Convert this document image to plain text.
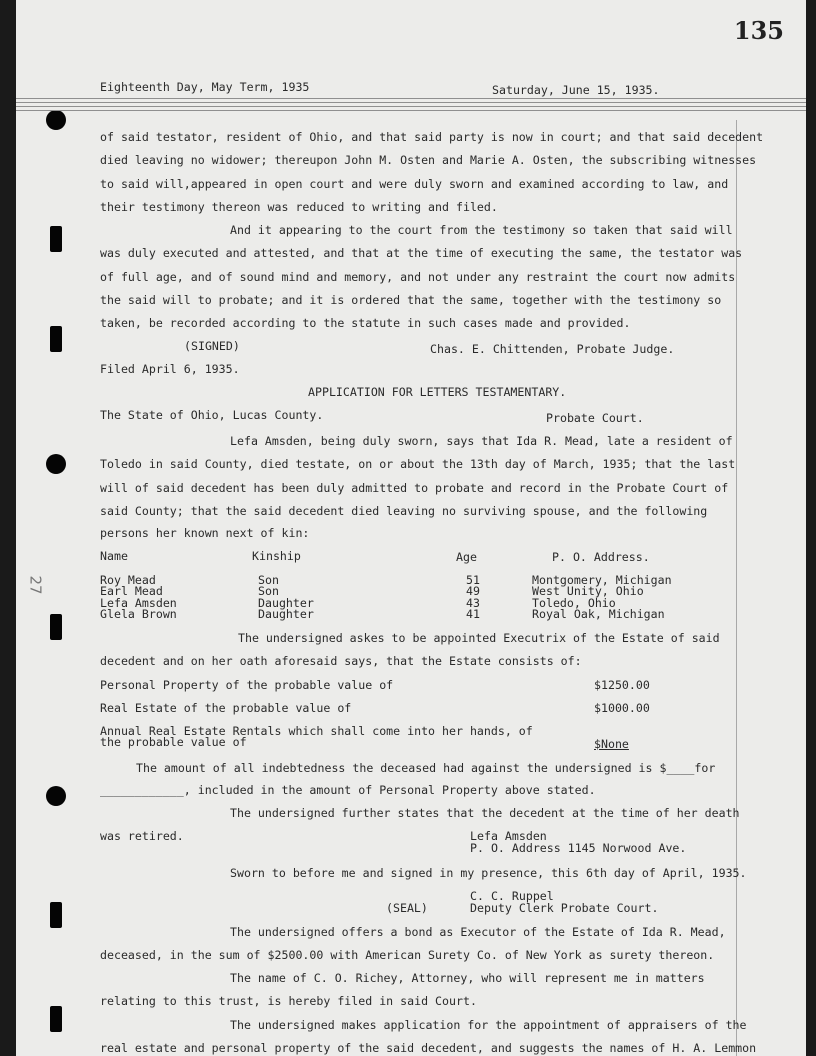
135
Eighteenth Day, May Term, 1935	Saturday, June 15, 1935.
27
of said testator, resident of Ohio, and that said party is now in court; and that said decedent
died leaving no widower; thereupon John M. Osten and Marie A. Osten, the subscribing witnesses
to said will,appeared in open court and were duly sworn and examined according to law, and
their testimony thereon was reduced to writing and filed.
And it appearing to the court from the testimony so taken that said will
was duly executed and attested, and that at the time of executing the same, the testator was
of full age, and of sound mind and memory, and not under any restraint the court now admits
the said will to probate; and it is ordered that the same, together with the testimony so
taken, be recorded according to the statute in such cases made and provided.
(SIGNED)	Chas. E. Chittenden, Probate Judge.
Filed April 6, 1935.
APPLICATION FOR LETTERS TESTAMENTARY.
The State of Ohio, Lucas County.	Probate Court.
Lefa Amsden, being duly sworn, says that Ida R. Mead, late a resident of
Toledo in said County, died testate, on or about the 13th day of March, 1935; that the last
will of said decedent has been duly admitted to probate and record in the Probate Court of
said County; that the said decedent died leaving no surviving spouse, and the following
persons her known next of kin:
Name	Kinship	Age	P. O. Address.
Roy Mead	Son	51	Montgomery, Michigan
Earl Mead	Son	49	West Unity, Ohio
Lefa Amsden	Daughter	43	Toledo, Ohio
Glela Brown	Daughter	41	Royal Oak, Michigan
The undersigned askes to be appointed Executrix of the Estate of said
decedent and on her oath aforesaid says, that the Estate consists of:
Personal Property of the probable value of	$1250.00
Real Estate of the probable value of	$1000.00
Annual Real Estate Rentals which shall come into her hands, of
the probable value of	$None
The amount of all indebtedness the deceased had against the undersigned is $____for
____________, included in the amount of Personal Property above stated.
The undersigned further states that the decedent at the time of her death
was retired.	Lefa Amsden
P. O. Address 1145 Norwood Ave.
Sworn to before me and signed in my presence, this 6th day of April, 1935.
C. C. Ruppel
(SEAL)	Deputy Clerk Probate Court.
The undersigned offers a bond as Executor of the Estate of Ida R. Mead,
deceased, in the sum of $2500.00 with American Surety Co. of New York as surety thereon.
The name of C. O. Richey, Attorney, who will represent me in matters
relating to this trust, is hereby filed in said Court.
The undersigned makes application for the appointment of appraisers of the
real estate and personal property of the said decedent, and suggests the names of H. A. Lemmon
